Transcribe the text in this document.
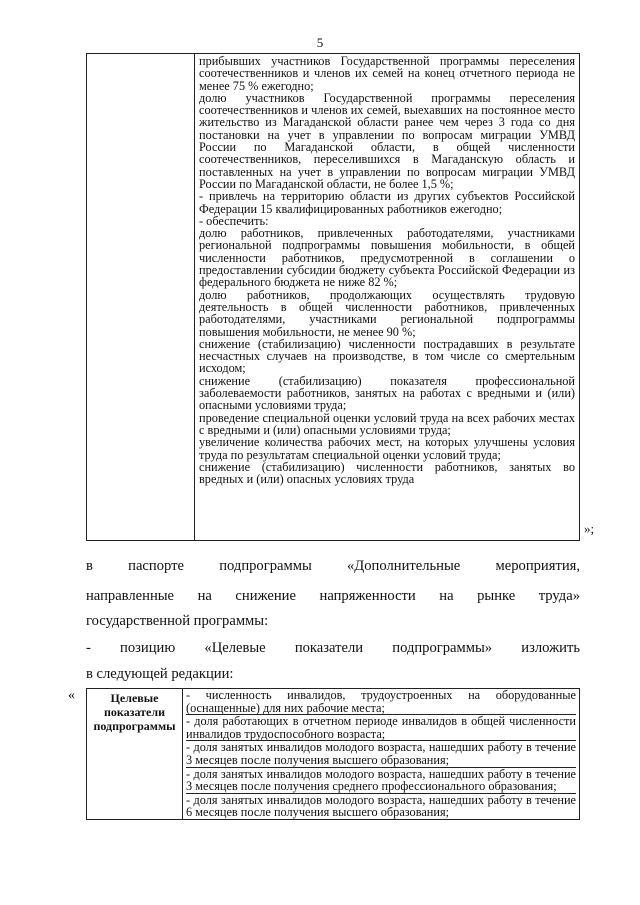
5

прибывших участников Государственной программы переселения соотечественников и членов их семей на конец отчетного периода не менее 75 % ежегодно;
долю участников Государственной программы переселения соотечественников и членов их семей, выехавших на постоянное место жительство из Магаданской области ранее чем через 3 года со дня постановки на учет в управлении по вопросам миграции УМВД России по Магаданской области, в общей численности соотечественников, переселившихся в Магаданскую область и поставленных на учет в управлении по вопросам миграции УМВД России по Магаданской области, не более 1,5 %;
- привлечь на территорию области из других субъектов Российской Федерации 15 квалифицированных работников ежегодно;
- обеспечить:
долю работников, привлеченных работодателями, участниками региональной подпрограммы повышения мобильности, в общей численности работников, предусмотренной в соглашении о предоставлении субсидии бюджету субъекта Российской Федерации из федерального бюджета не ниже 82 %;
долю работников, продолжающих осуществлять трудовую деятельность в общей численности работников, привлеченных работодателями, участниками региональной подпрограммы повышения мобильности, не менее 90 %;
снижение (стабилизацию) численности пострадавших в результате несчастных случаев на производстве, в том числе со смертельным исходом;
снижение (стабилизацию) показателя профессиональной заболеваемости работников, занятых на работах с вредными и (или) опасными условиями труда;
проведение специальной оценки условий труда на всех рабочих местах с вредными и (или) опасными условиями труда;
увеличение количества рабочих мест, на которых улучшены условия труда по результатам специальной оценки условий труда;
снижение (стабилизацию) численности работников, занятых во вредных и (или) опасных условиях труда
»;
в паспорте подпрограммы «Дополнительные мероприятия,
направленные на снижение напряженности на рынке труда»
государственной программы:
- позицию «Целевые показатели подпрограммы» изложить
в следующей редакции:
«	Целевые показатели подпрограммы	
- численность инвалидов, трудоустроенных на оборудованные (оснащенные) для них рабочие места;
- доля работающих в отчетном периоде инвалидов в общей численности инвалидов трудоспособного возраста;
- доля занятых инвалидов молодого возраста, нашедших работу в течение 3 месяцев после получения высшего образования;
- доля занятых инвалидов молодого возраста, нашедших работу в течение 3 месяцев после получения среднего профессионального образования;
- доля занятых инвалидов молодого возраста, нашедших работу в течение 6 месяцев после получения высшего образования;
